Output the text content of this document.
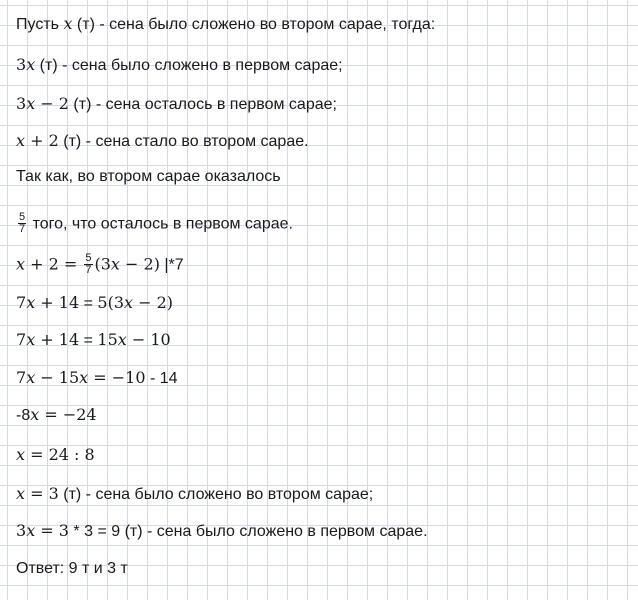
Пусть x (т) - сена было сложено во втором сарае, тогда:

3x (т) - сена было сложено в первом сарае;

3x − 2 (т) - сена осталось в первом сарае;

x + 2 (т) - сена стало во втором сарае.

Так как, во втором сарае оказалось

$\frac{5}{7}$ того, что осталось в первом сарае.

$x + 2 = \frac{5}{7} (3x - 2)$ |*7

7x + 14 = 5(3x − 2)

7x + 14 = 15x − 10

7x − 15x = −10 - 14

-8x = −24

x = 24 : 8

x = 3 (т) - сена было сложено во втором сарае;

3x = 3 * 3 = 9 (т) - сена было сложено в первом сарае.

Ответ: 9 т и 3 т
